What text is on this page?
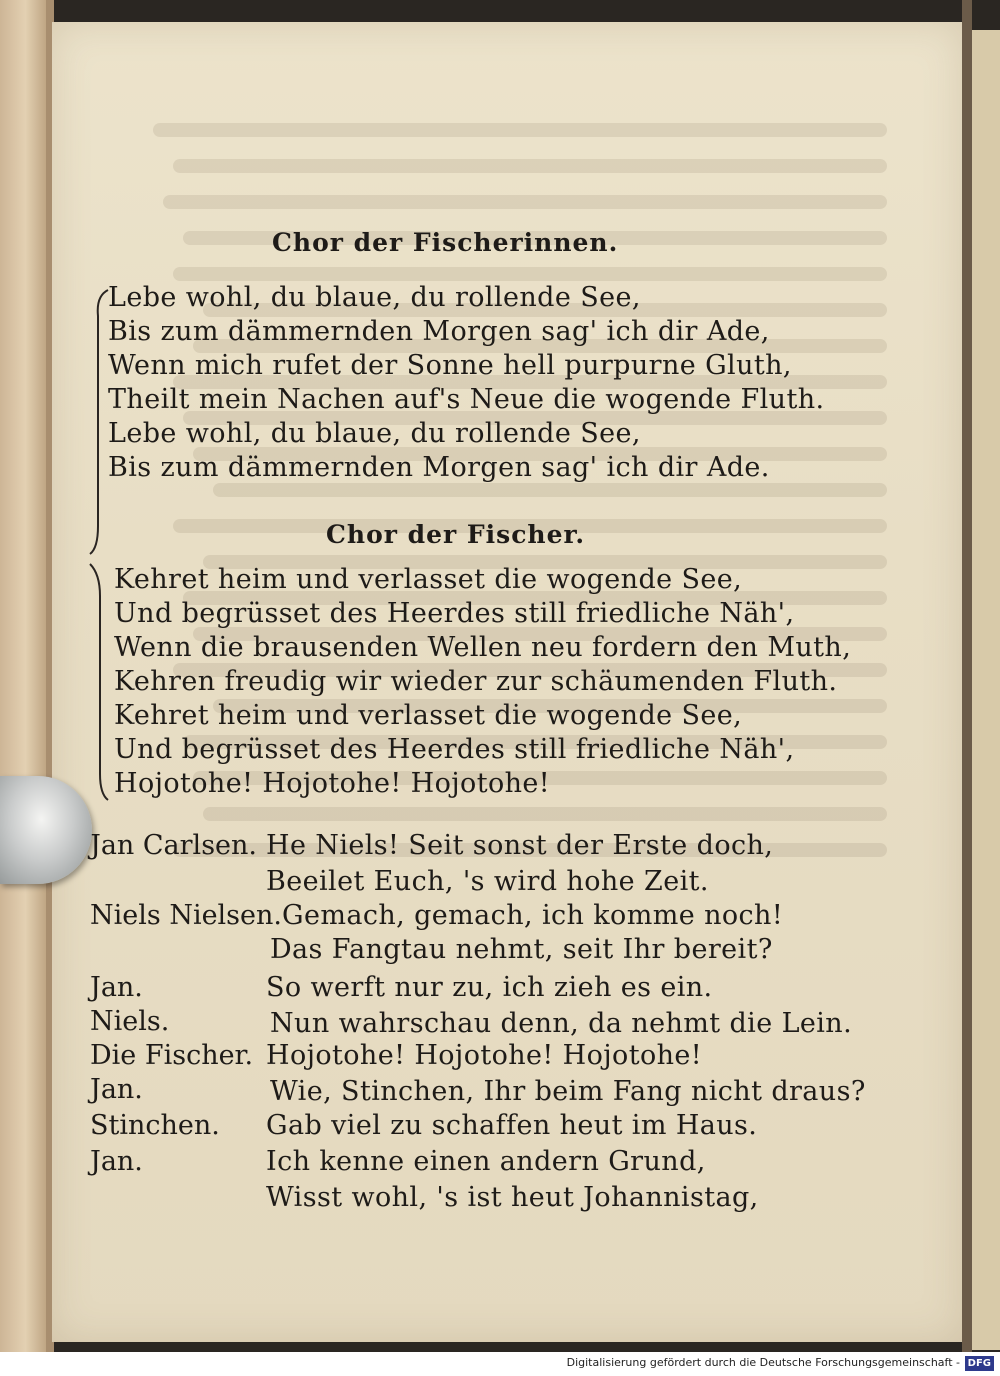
Chor der Fischerinnen.
Lebe wohl, du blaue, du rollende See,
Bis zum dämmernden Morgen sag' ich dir Ade,
Wenn mich rufet der Sonne hell purpurne Gluth,
Theilt mein Nachen auf's Neue die wogende Fluth.
Lebe wohl, du blaue, du rollende See,
Bis zum dämmernden Morgen sag' ich dir Ade.
Chor der Fischer.
Kehret heim und verlasset die wogende See,
Und begrüsset des Heerdes still friedliche Näh',
Wenn die brausenden Wellen neu fordern den Muth,
Kehren freudig wir wieder zur schäumenden Fluth.
Kehret heim und verlasset die wogende See,
Und begrüsset des Heerdes still friedliche Näh',
Hojotohe! Hojotohe! Hojotohe!
Jan Carlsen. He Niels! Seit sonst der Erste doch,
Beeilet Euch, 's wird hohe Zeit.
Niels Nielsen. Gemach, gemach, ich komme noch!
Das Fangtau nehmt, seit Ihr bereit?
Jan.	So werft nur zu, ich zieh es ein.
Niels.	Nun wahrschau denn, da nehmt die Lein.
Die Fischer. Hojotohe! Hojotohe! Hojotohe!
Jan.	Wie, Stinchen, Ihr beim Fang nicht draus?
Stinchen. Gab viel zu schaffen heut im Haus.
Jan.	Ich kenne einen andern Grund,
Wisst wohl, 's ist heut Johannistag,
Digitalisierung gefördert durch die Deutsche Forschungsgemeinschaft - DFG
